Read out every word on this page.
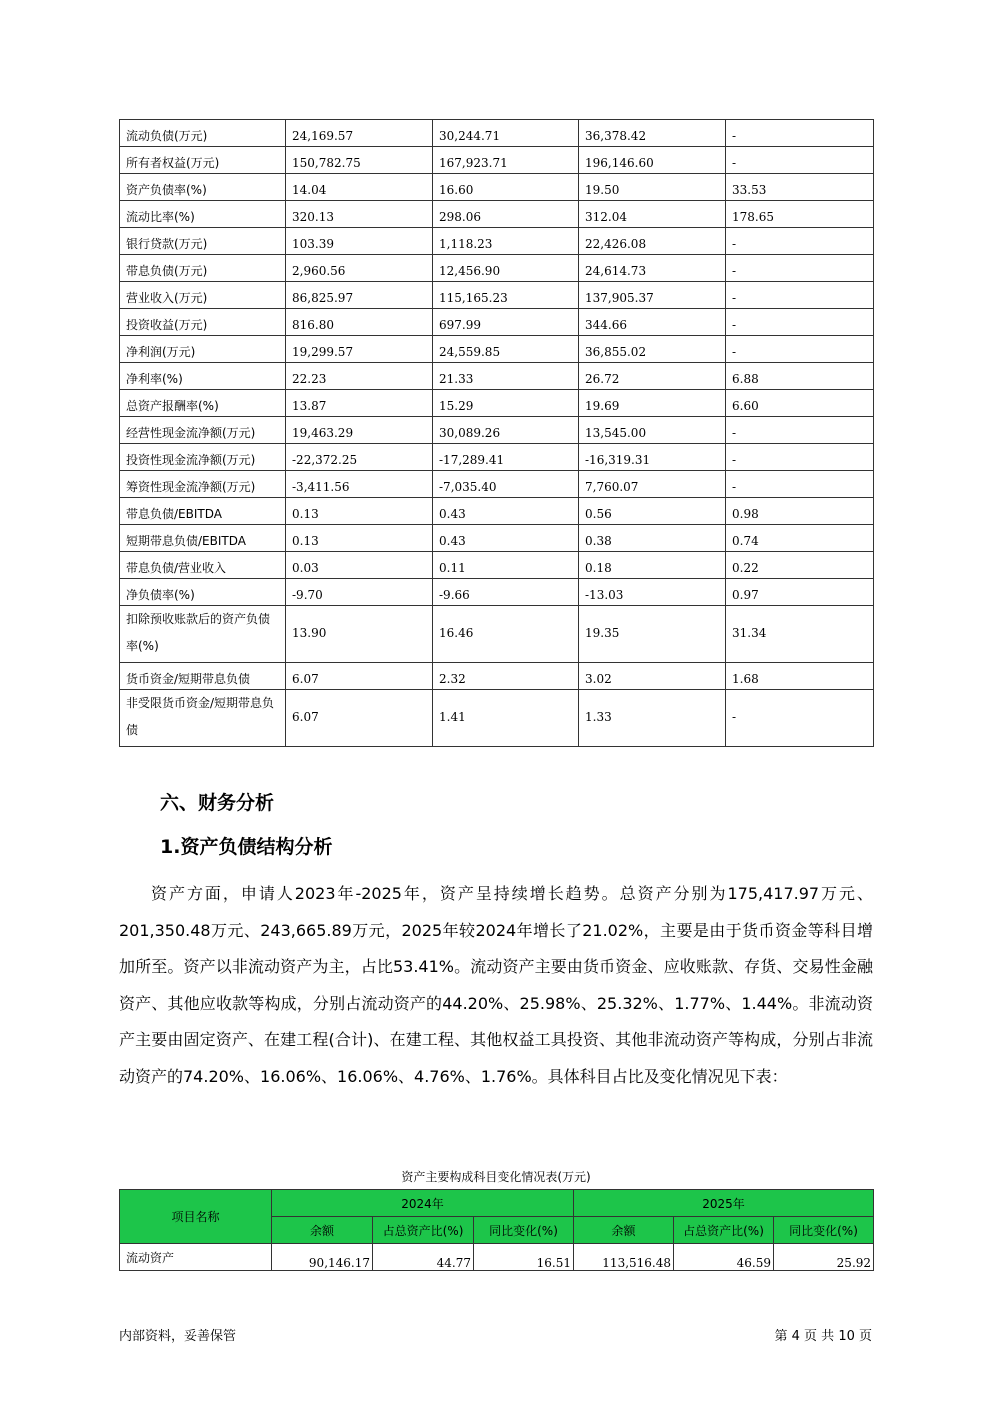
流动负债(万元)	24,169.57	30,244.71	36,378.42	-
所有者权益(万元)	150,782.75	167,923.71	196,146.60	-
资产负债率(%)	14.04	16.60	19.50	33.53
流动比率(%)	320.13	298.06	312.04	178.65
银行贷款(万元)	103.39	1,118.23	22,426.08	-
带息负债(万元)	2,960.56	12,456.90	24,614.73	-
营业收入(万元)	86,825.97	115,165.23	137,905.37	-
投资收益(万元)	816.80	697.99	344.66	-
净利润(万元)	19,299.57	24,559.85	36,855.02	-
净利率(%)	22.23	21.33	26.72	6.88
总资产报酬率(%)	13.87	15.29	19.69	6.60
经营性现金流净额(万元)	19,463.29	30,089.26	13,545.00	-
投资性现金流净额(万元)	-22,372.25	-17,289.41	-16,319.31	-
筹资性现金流净额(万元)	-3,411.56	-7,035.40	7,760.07	-
带息负债/EBITDA	0.13	0.43	0.56	0.98
短期带息负债/EBITDA	0.13	0.43	0.38	0.74
带息负债/营业收入	0.03	0.11	0.18	0.22
净负债率(%)	-9.70	-9.66	-13.03	0.97
扣除预收账款后的资产负债率(%)	13.90	16.46	19.35	31.34
货币资金/短期带息负债	6.07	2.32	3.02	1.68
非受限货币资金/短期带息负债	6.07	1.41	1.33	-
六、财务分析
1.资产负债结构分析
资产方面，申请人2023年-2025年，资产呈持续增长趋势。总资产分别为175,417.97万元、201,350.48万元、243,665.89万元，2025年较2024年增长了21.02%，主要是由于货币资金等科目增加所至。资产以非流动资产为主，占比53.41%。流动资产主要由货币资金、应收账款、存货、交易性金融资产、其他应收款等构成，分别占流动资产的44.20%、25.98%、25.32%、1.77%、1.44%。非流动资产主要由固定资产、在建工程(合计)、在建工程、其他权益工具投资、其他非流动资产等构成，分别占非流动资产的74.20%、16.06%、16.06%、4.76%、1.76%。具体科目占比及变化情况见下表：
资产主要构成科目变化情况表(万元)
项目名称	2024年			2025年		
	余额	占总资产比(%)	同比变化(%)	余额	占总资产比(%)	同比变化(%)
流动资产	90,146.17	44.77	16.51	113,516.48	46.59	25.92
内部资料，妥善保管	第 4 页 共 10 页
